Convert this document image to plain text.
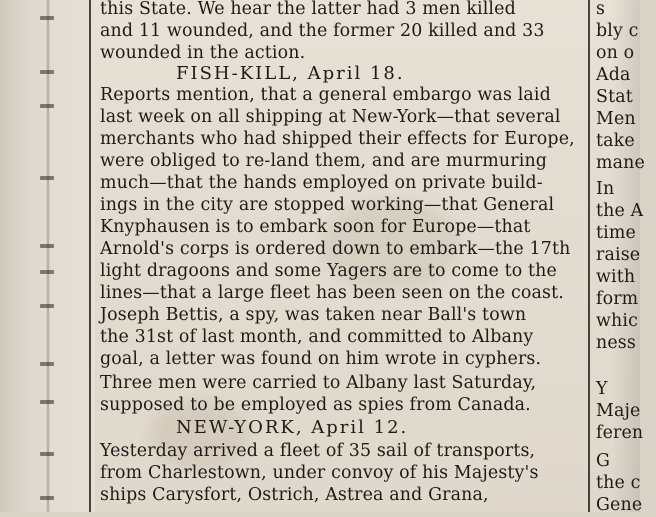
this State. We hear the latter had 3 men killed
and 11 wounded, and the former 20 killed and 33
wounded in the action.
FISH-KILL, April 18.
Reports mention, that a general embargo was laid
last week on all shipping at New-York—that several
merchants who had shipped their effects for Europe,
were obliged to re-land them, and are murmuring
much—that the hands employed on private build-
ings in the city are stopped working—that General
Knyphausen is to embark soon for Europe—that
Arnold's corps is ordered down to embark—the 17th
light dragoons and some Yagers are to come to the
lines—that a large fleet has been seen on the coast.
Joseph Bettis, a spy, was taken near Ball's town
the 31st of last month, and committed to Albany
goal, a letter was found on him wrote in cyphers.
Three men were carried to Albany last Saturday,
supposed to be employed as spies from Canada.
NEW-YORK, April 12.
Yesterday arrived a fleet of 35 sail of transports,
from Charlestown, under convoy of his Majesty's
ships Carysfort, Ostrich, Astrea and Grana,
s
bly c
on o
Ada
Stat
Men
take
mane
In
the A
time
raise
with
form
whic
ness
Y
Maje
feren
G
the c
Gene
